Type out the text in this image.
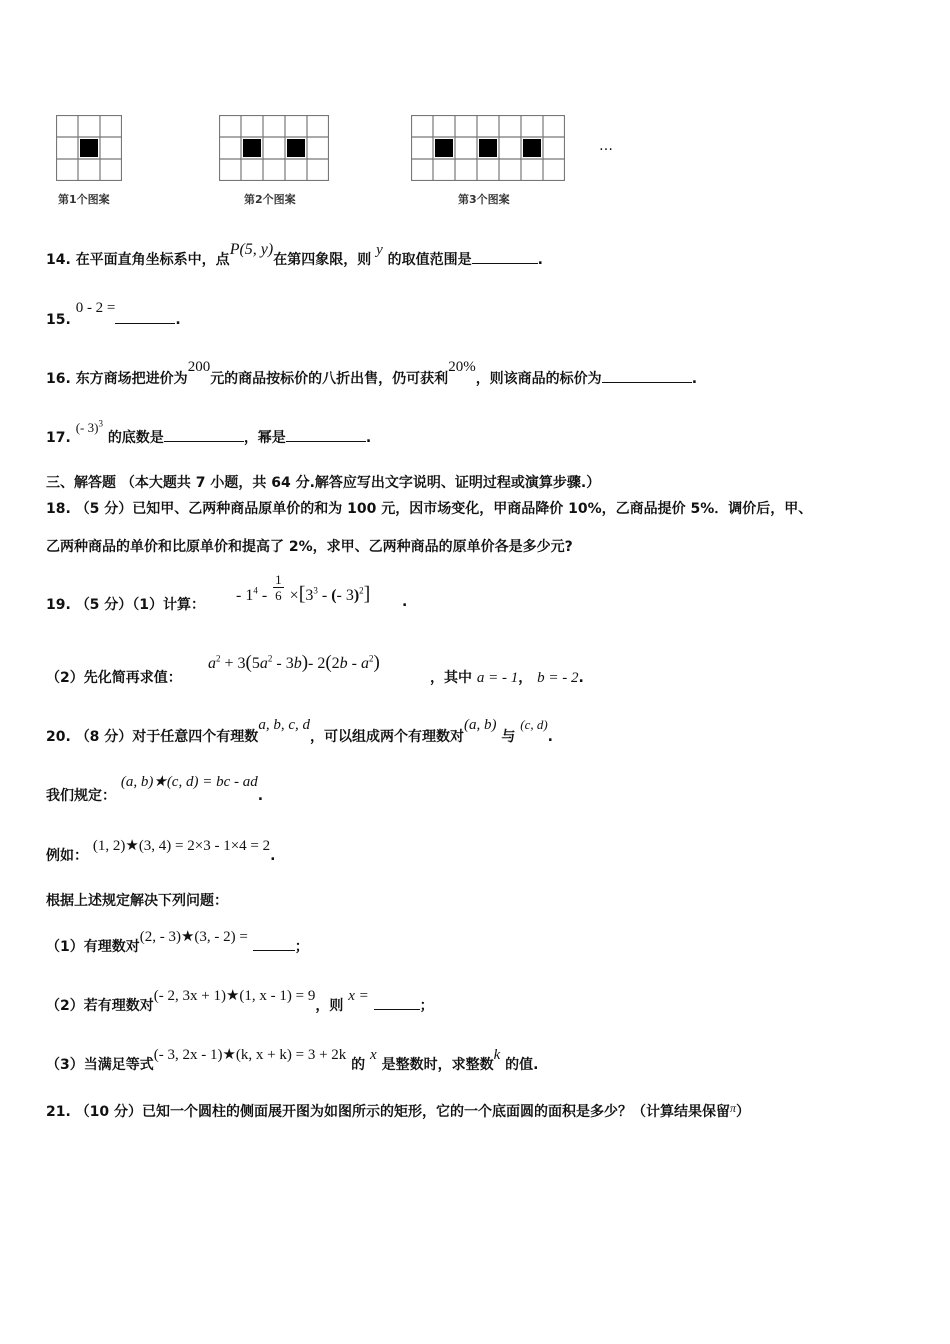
第1个图案	第2个图案	第3个图案
…
14. 在平面直角坐标系中，点P(5, y)在第四象限，则 y 的取值范围是	.
15. 0 - 2 =.
16. 东方商场把进价为200元的商品按标价的八折出售，仍可获利20%，则该商品的标价为	.
17. (- 3)$^3$ 的底数是	，幂是	.
三、解答题 （本大题共 7 小题，共 64 分.解答应写出文字说明、证明过程或演算步骤.）
18. （5 分）已知甲、乙两种商品原单价的和为 100 元，因市场变化，甲商品降价 10%，乙商品提价 5%．调价后，甲、
乙两种商品的单价和比原单价和提高了 2%，求甲、乙两种商品的原单价各是多少元?
19. （5 分）（1）计算：
- $1^4 - 1$
$6 \times[3^3$ - (- 3)$^2$] .
（2）先化简再求值：
$a^2 + 3(5a^2 - 3b)-$ $2(2b - a^2)$
，其中 a = - 1， b = - 2.
20. （8 分）对于任意四个有理数a, b, c, d，可以组成两个有理数对(a, b) 与 (c, d).
我们规定： (a, b)★(c, d) = bc - ad.
例如： (1, 2)★(3, 4) = 2×3 - 1×4 = 2.
根据上述规定解决下列问题：
（1）有理数对(2, - 3)★(3, - 2) = ；
（2）若有理数对(- 2, 3x + 1)★(1, x - 1) = 9，则 x = ；
（3）当满足等式(- 3, 2x - 1)★(k, x + k) = 3 + 2k 的 x 是整数时，求整数k 的值.
21. （10 分）已知一个圆柱的侧面展开图为如图所示的矩形，它的一个底面圆的面积是多少？（计算结果保留π）
